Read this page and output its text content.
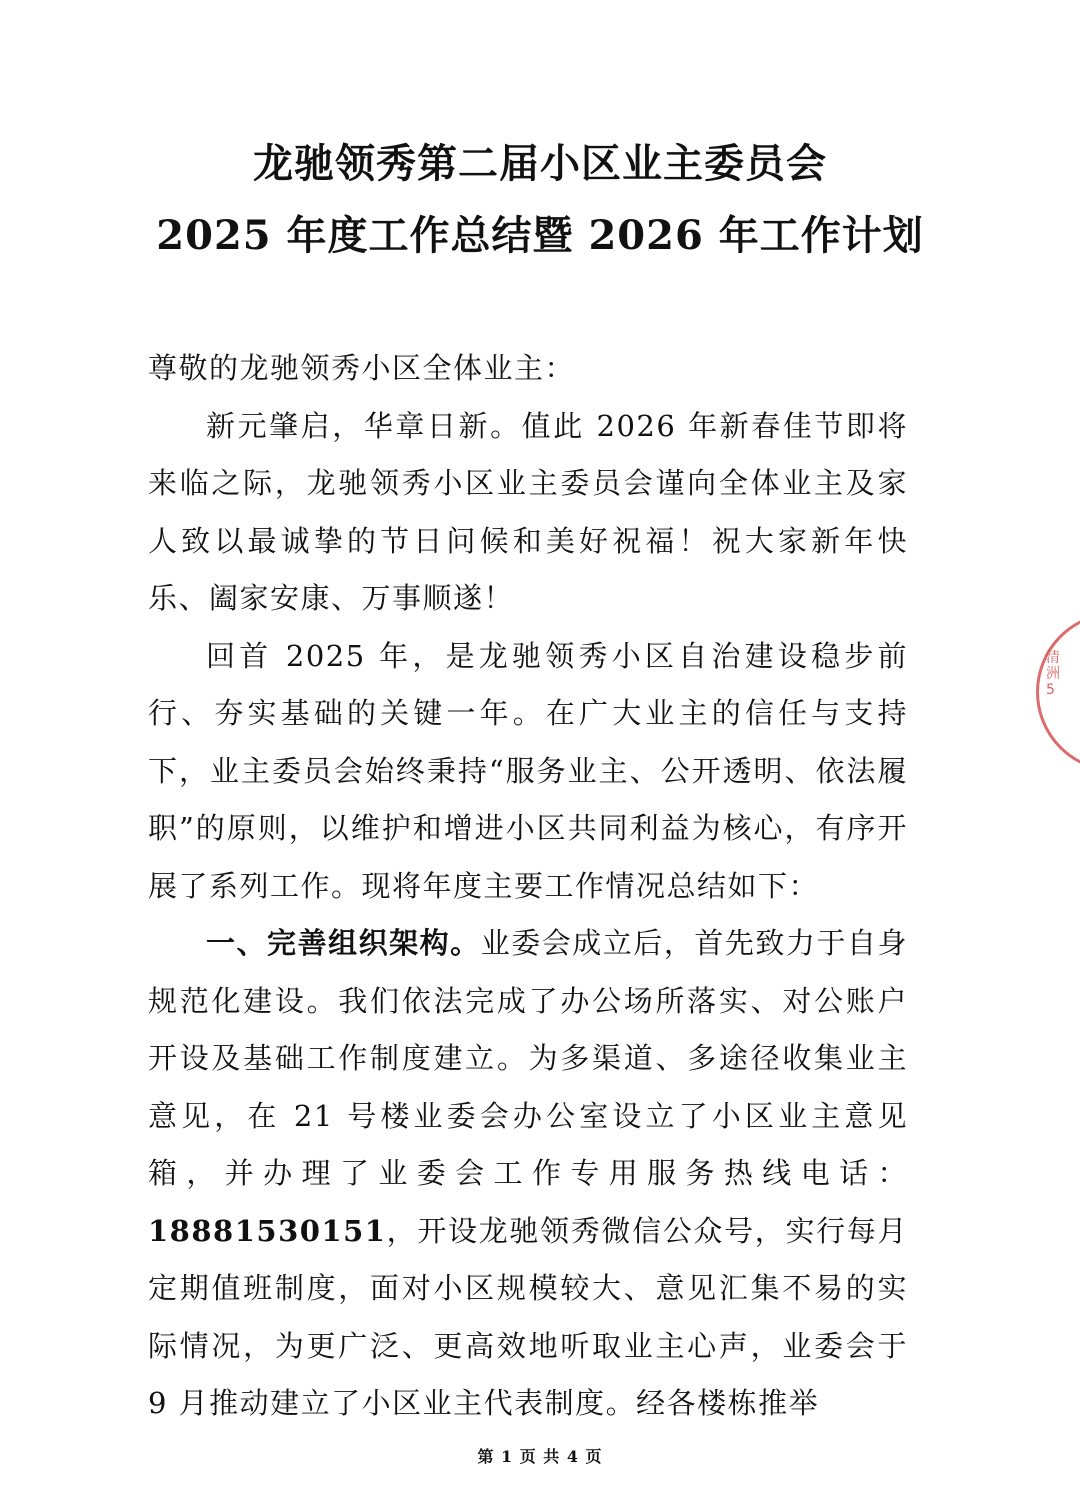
龙驰领秀第二届小区业主委员会
2025 年度工作总结暨 2026 年工作计划

尊敬的龙驰领秀小区全体业主：

新元肇启，华章日新。值此 2026 年新春佳节即将来临之际，龙驰领秀小区业主委员会谨向全体业主及家人致以最诚挚的节日问候和美好祝福！祝大家新年快乐、阖家安康、万事顺遂！

回首 2025 年，是龙驰领秀小区自治建设稳步前行、夯实基础的关键一年。在广大业主的信任与支持下，业主委员会始终秉持“服务业主、公开透明、依法履职”的原则，以维护和增进小区共同利益为核心，有序开展了系列工作。现将年度主要工作情况总结如下：

一、完善组织架构。业委会成立后，首先致力于自身规范化建设。我们依法完成了办公场所落实、对公账户开设及基础工作制度建立。为多渠道、多途径收集业主意见，在 21 号楼业委会办公室设立了小区业主意见箱，并办理了业委会工作专用服务热线电话：18881530151，开设龙驰领秀微信公众号，实行每月定期值班制度，面对小区规模较大、意见汇集不易的实际情况，为更广泛、更高效地听取业主心声，业委会于 9 月推动建立了小区业主代表制度。经各楼栋推举

清洲 5
第 1 页 共 4 页
